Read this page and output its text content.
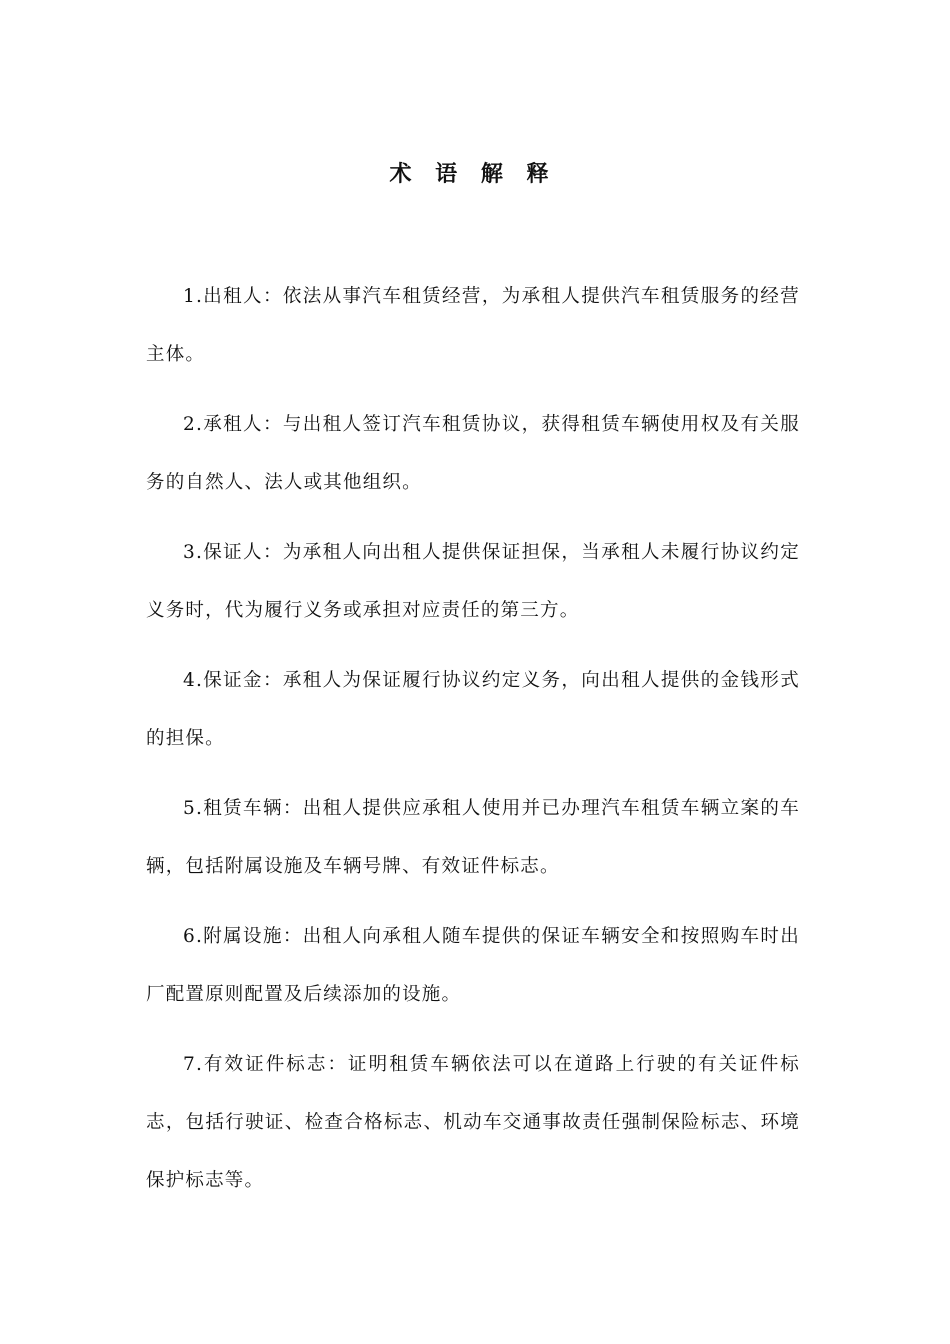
术 语 解 释

1.出租人：依法从事汽车租赁经营，为承租人提供汽车租赁服务的经营主体。

2.承租人：与出租人签订汽车租赁协议，获得租赁车辆使用权及有关服务的自然人、法人或其他组织。

3.保证人：为承租人向出租人提供保证担保，当承租人未履行协议约定义务时，代为履行义务或承担对应责任的第三方。

4.保证金：承租人为保证履行协议约定义务，向出租人提供的金钱形式的担保。

5.租赁车辆：出租人提供应承租人使用并已办理汽车租赁车辆立案的车辆，包括附属设施及车辆号牌、有效证件标志。

6.附属设施：出租人向承租人随车提供的保证车辆安全和按照购车时出厂配置原则配置及后续添加的设施。

7.有效证件标志：证明租赁车辆依法可以在道路上行驶的有关证件标志，包括行驶证、检查合格标志、机动车交通事故责任强制保险标志、环境保护标志等。
